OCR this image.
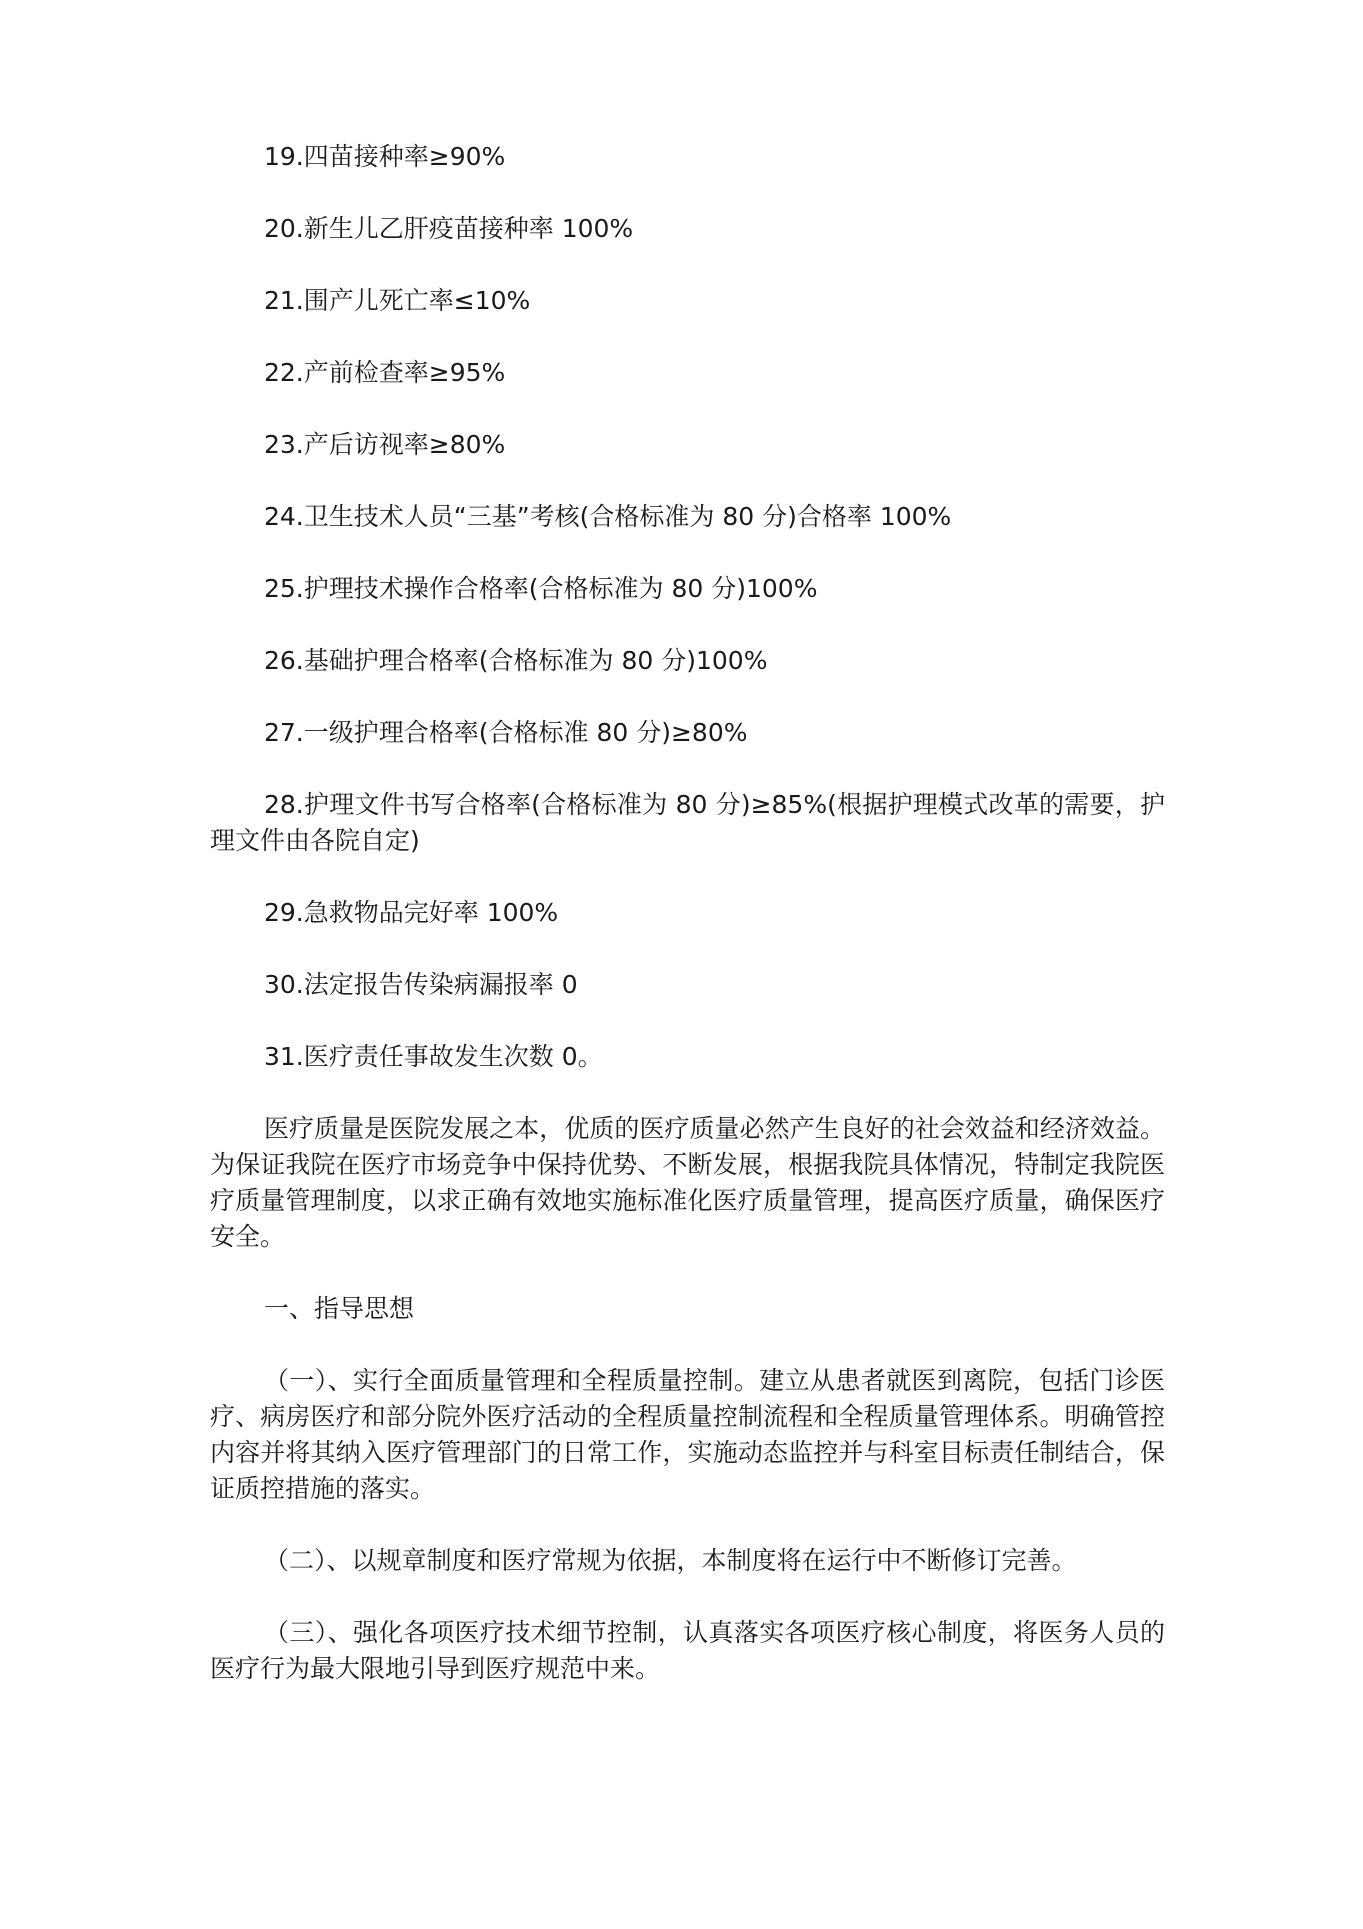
19.四苗接种率≥90%
20.新生儿乙肝疫苗接种率 100%
21.围产儿死亡率≤10%
22.产前检查率≥95%
23.产后访视率≥80%
24.卫生技术人员“三基”考核(合格标准为 80 分)合格率 100%
25.护理技术操作合格率(合格标准为 80 分)100%
26.基础护理合格率(合格标准为 80 分)100%
27.一级护理合格率(合格标准 80 分)≥80%
28.护理文件书写合格率(合格标准为 80 分)≥85%(根据护理模式改革的需要，护理文件由各院自定)
29.急救物品完好率 100%
30.法定报告传染病漏报率 0
31.医疗责任事故发生次数 0。
医疗质量是医院发展之本，优质的医疗质量必然产生良好的社会效益和经济效益。为保证我院在医疗市场竞争中保持优势、不断发展，根据我院具体情况，特制定我院医疗质量管理制度，以求正确有效地实施标准化医疗质量管理，提高医疗质量，确保医疗安全。
一、指导思想
（一）、实行全面质量管理和全程质量控制。建立从患者就医到离院，包括门诊医疗、病房医疗和部分院外医疗活动的全程质量控制流程和全程质量管理体系。明确管控内容并将其纳入医疗管理部门的日常工作，实施动态监控并与科室目标责任制结合，保证质控措施的落实。
（二）、以规章制度和医疗常规为依据，本制度将在运行中不断修订完善。
（三）、强化各项医疗技术细节控制，认真落实各项医疗核心制度，将医务人员的医疗行为最大限地引导到医疗规范中来。
